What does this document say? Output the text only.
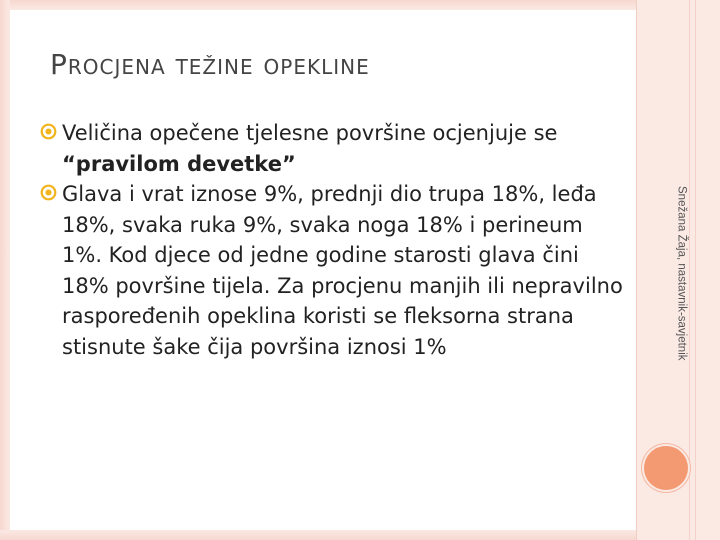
Snežana Žaja, nastavnik-savjetnik
Procjena težine opekline

Veličina opečene tjelesne površine ocjenjuje se “pravilom devetke”

Glava i vrat iznose 9%, prednji dio trupa 18%, leđa 18%, svaka ruka 9%, svaka noga 18% i perineum 1%. Kod djece od jedne godine starosti glava čini 18% površine tijela. Za procjenu manjih ili nepravilno raspoređenih opeklina koristi se fleksorna strana stisnute šake čija površina iznosi 1%
